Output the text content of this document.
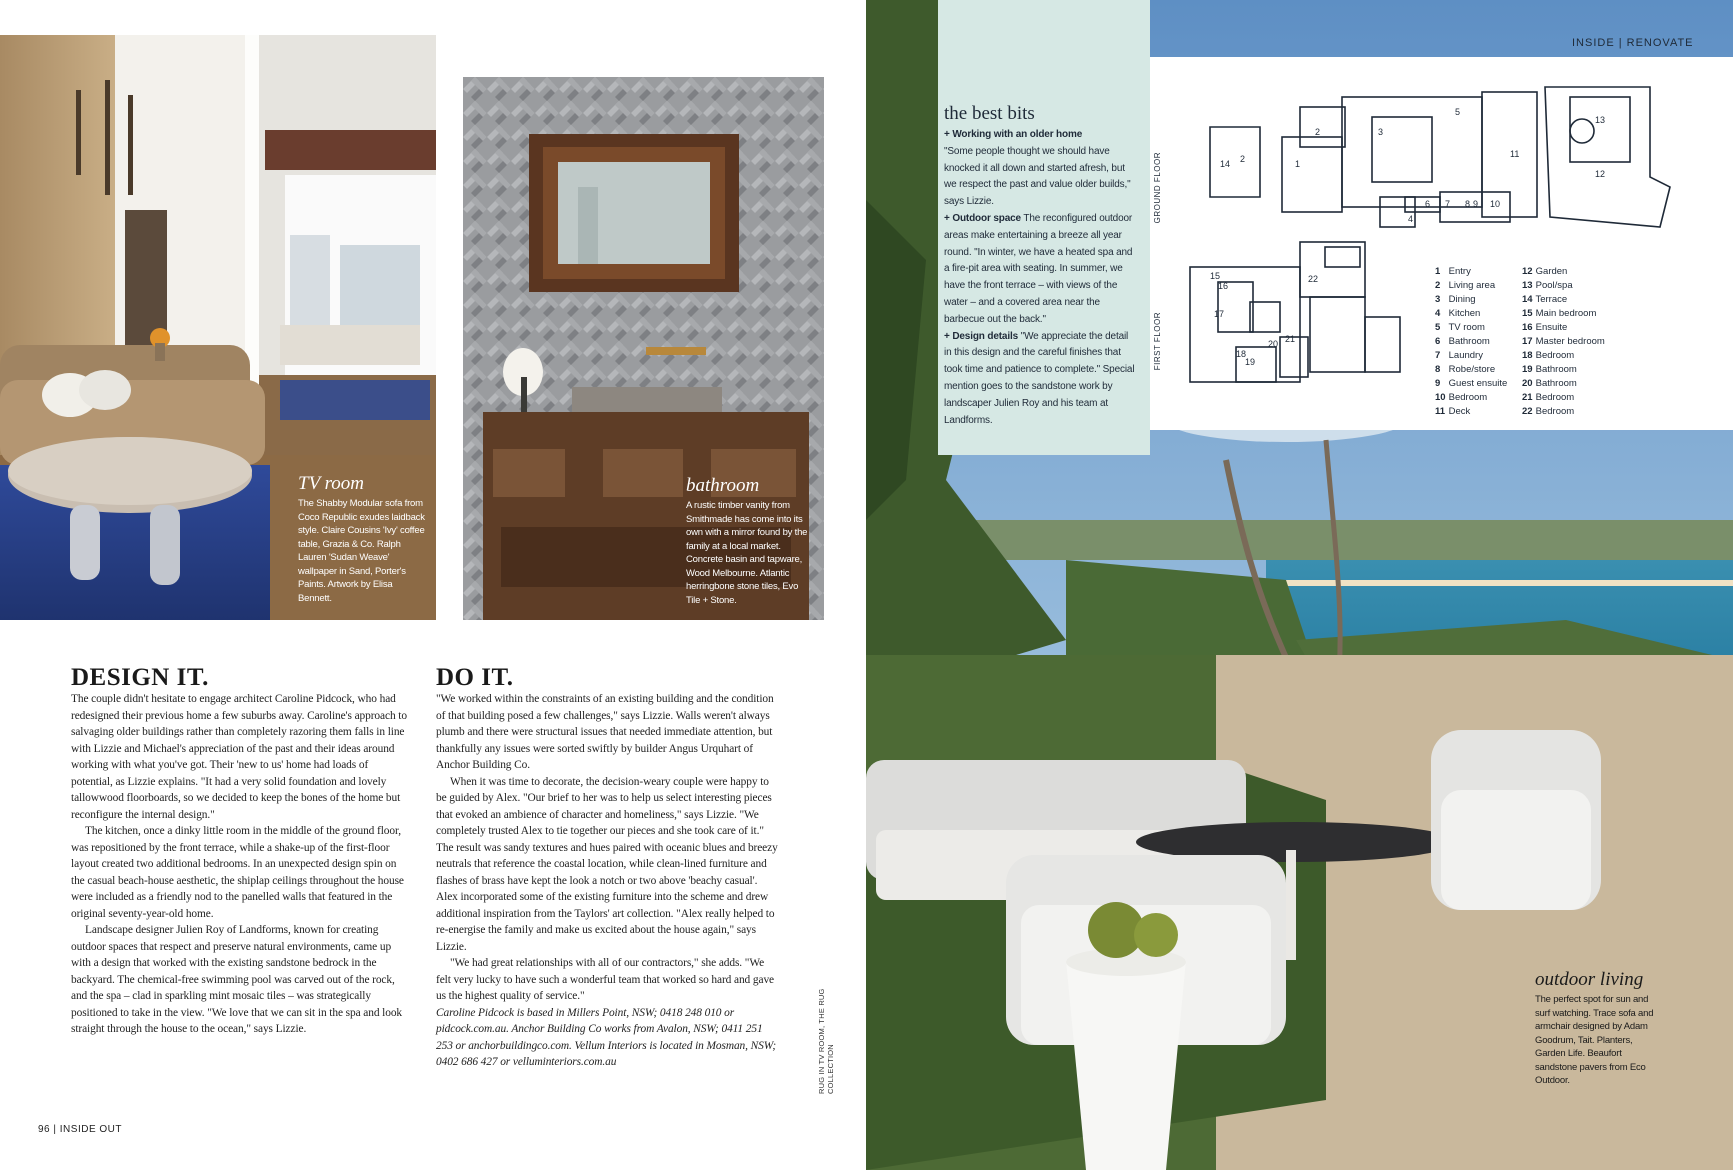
TV room
The Shabby Modular sofa from Coco Republic exudes laidback style. Claire Cousins 'Ivy' coffee table, Grazia & Co. Ralph Lauren 'Sudan Weave' wallpaper in Sand, Porter's Paints. Artwork by Elisa Bennett.
bathroom
A rustic timber vanity from Smithmade has come into its own with a mirror found by the family at a local market. Concrete basin and tapware, Wood Melbourne. Atlantic herringbone stone tiles, Evo Tile + Stone.
DESIGN IT.

The couple didn't hesitate to engage architect Caroline Pidcock, who had redesigned their previous home a few suburbs away. Caroline's approach to salvaging older buildings rather than completely razoring them falls in line with Lizzie and Michael's appreciation of the past and their ideas around working with what you've got. Their 'new to us' home had loads of potential, as Lizzie explains. "It had a very solid foundation and lovely tallowwood floorboards, so we decided to keep the bones of the home but reconfigure the internal design."

The kitchen, once a dinky little room in the middle of the ground floor, was repositioned by the front terrace, while a shake-up of the first-floor layout created two additional bedrooms. In an unexpected design spin on the casual beach-house aesthetic, the shiplap ceilings throughout the house were included as a friendly nod to the panelled walls that featured in the original seventy-year-old home.

Landscape designer Julien Roy of Landforms, known for creating outdoor spaces that respect and preserve natural environments, came up with a design that worked with the existing sandstone bedrock in the backyard. The chemical-free swimming pool was carved out of the rock, and the spa – clad in sparkling mint mosaic tiles – was strategically positioned to take in the view. "We love that we can sit in the spa and look straight through the house to the ocean," says Lizzie.

DO IT.

"We worked within the constraints of an existing building and the condition of that building posed a few challenges," says Lizzie. Walls weren't always plumb and there were structural issues that needed immediate attention, but thankfully any issues were sorted swiftly by builder Angus Urquhart of Anchor Building Co.

When it was time to decorate, the decision-weary couple were happy to be guided by Alex. "Our brief to her was to help us select interesting pieces that evoked an ambience of character and homeliness," says Lizzie. "We completely trusted Alex to tie together our pieces and she took care of it." The result was sandy textures and hues paired with oceanic blues and breezy neutrals that reference the coastal location, while clean-lined furniture and flashes of brass have kept the look a notch or two above 'beachy casual'. Alex incorporated some of the existing furniture into the scheme and drew additional inspiration from the Taylors' art collection. "Alex really helped to re-energise the family and make us excited about the house again," says Lizzie.

"We had great relationships with all of our contractors," she adds. "We felt very lucky to have such a wonderful team that worked so hard and gave us the highest quality of service."

Caroline Pidcock is based in Millers Point, NSW; 0418 248 010 or pidcock.com.au. Anchor Building Co works from Avalon, NSW; 0411 251 253 or anchorbuildingco.com. Vellum Interiors is located in Mosman, NSW; 0402 686 427 or velluminteriors.com.au	RUG IN TV ROOM, THE RUG COLLECTION
96 | INSIDE OUT
INSIDE | RENOVATE
the best bits
+ Working with an older home
"Some people thought we should have knocked it all down and started afresh, but we respect the past and value older builds," says Lizzie.
+ Outdoor space The reconfigured outdoor areas make entertaining a breeze all year round. "In winter, we have a heated spa and a fire-pit area with seating. In summer, we have the front terrace – with views of the water – and a covered area near the barbecue out the back."
+ Design details "We appreciate the detail in this design and the careful finishes that took time and patience to complete." Special mention goes to the sandstone work by landscaper Julien Roy and his team at Landforms.
1
2
2	3
4
5
6 7 8 9 10
11
12
13
14
15
16
17
18
19
20 21
22
GROUND FLOOR
FIRST FLOOR
1 Entry
2 Living area
3 Dining
4 Kitchen
5 TV room
6 Bathroom
7 Laundry
8 Robe/store
9 Guest ensuite
10 Bedroom
11 Deck
12 Garden
13 Pool/spa
14 Terrace
15 Main bedroom
16 Ensuite
17 Master bedroom
18 Bedroom
19 Bathroom
20 Bathroom
21 Bedroom
22 Bedroom
outdoor living
The perfect spot for sun and surf watching. Trace sofa and armchair designed by Adam Goodrum, Tait. Planters, Garden Life. Beaufort sandstone pavers from Eco Outdoor.
